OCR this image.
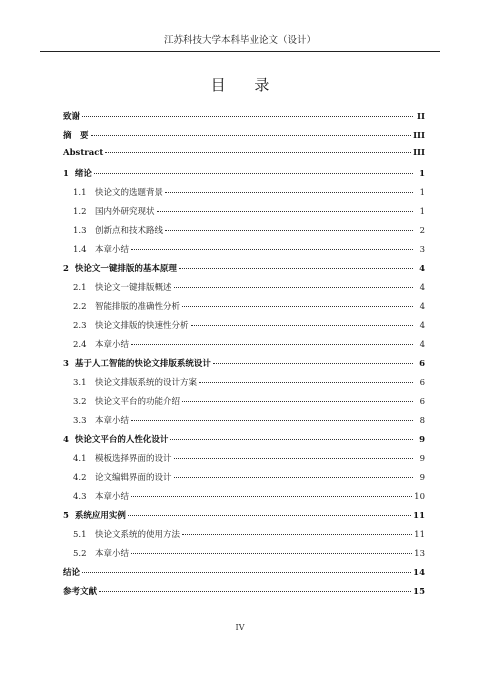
江苏科技大学本科毕业论文（设计）
目 录
致谢	II
摘　要	III
Abstract	III
1 绪论	1
1.1 快论文的选题背景	1
1.2 国内外研究现状	1
1.3 创新点和技术路线	2
1.4 本章小结	3
2 快论文一键排版的基本原理	4
2.1 快论文一键排版概述	4
2.2 智能排版的准确性分析	4
2.3 快论文排版的快速性分析	4
2.4 本章小结	4
3 基于人工智能的快论文排版系统设计	6
3.1 快论文排版系统的设计方案	6
3.2 快论文平台的功能介绍	6
3.3 本章小结	8
4 快论文平台的人性化设计	9
4.1 模板选择界面的设计	9
4.2 论文编辑界面的设计	9
4.3 本章小结	10
5 系统应用实例	11
5.1 快论文系统的使用方法	11
5.2 本章小结	13
结论	14
参考文献	15
IV
